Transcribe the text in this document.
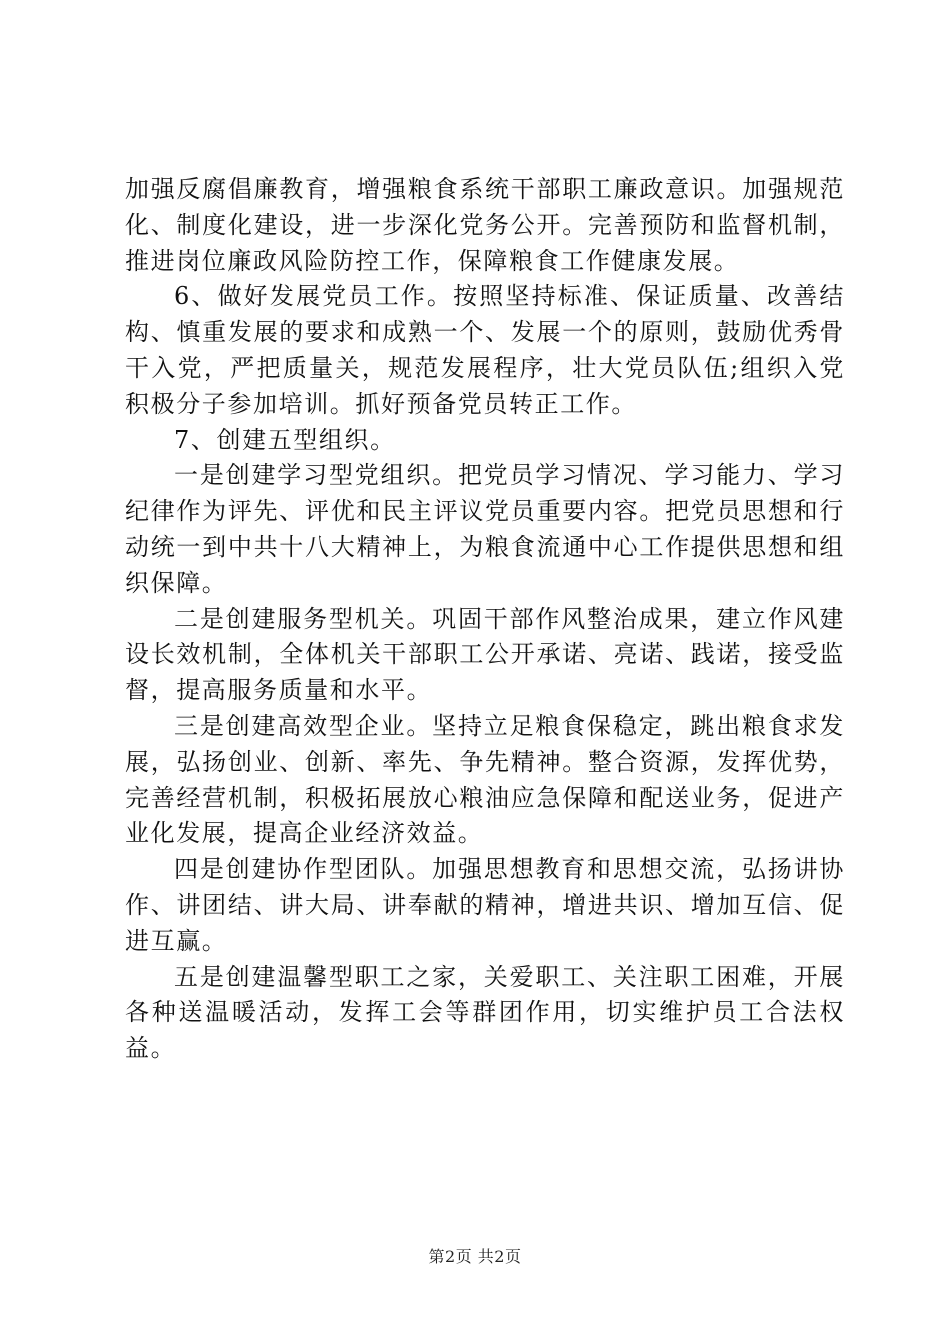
加强反腐倡廉教育，增强粮食系统干部职工廉政意识。加强规范化、制度化建设，进一步深化党务公开。完善预防和监督机制，推进岗位廉政风险防控工作，保障粮食工作健康发展。

6、做好发展党员工作。按照坚持标准、保证质量、改善结构、慎重发展的要求和成熟一个、发展一个的原则，鼓励优秀骨干入党，严把质量关，规范发展程序，壮大党员队伍;组织入党积极分子参加培训。抓好预备党员转正工作。

7、创建五型组织。

一是创建学习型党组织。把党员学习情况、学习能力、学习纪律作为评先、评优和民主评议党员重要内容。把党员思想和行动统一到中共十八大精神上，为粮食流通中心工作提供思想和组织保障。

二是创建服务型机关。巩固干部作风整治成果，建立作风建设长效机制，全体机关干部职工公开承诺、亮诺、践诺，接受监督，提高服务质量和水平。

三是创建高效型企业。坚持立足粮食保稳定，跳出粮食求发展，弘扬创业、创新、率先、争先精神。整合资源，发挥优势，完善经营机制，积极拓展放心粮油应急保障和配送业务，促进产业化发展，提高企业经济效益。

四是创建协作型团队。加强思想教育和思想交流，弘扬讲协作、讲团结、讲大局、讲奉献的精神，增进共识、增加互信、促进互赢。

五是创建温馨型职工之家，关爱职工、关注职工困难，开展各种送温暖活动，发挥工会等群团作用，切实维护员工合法权益。

第2页 共2页
